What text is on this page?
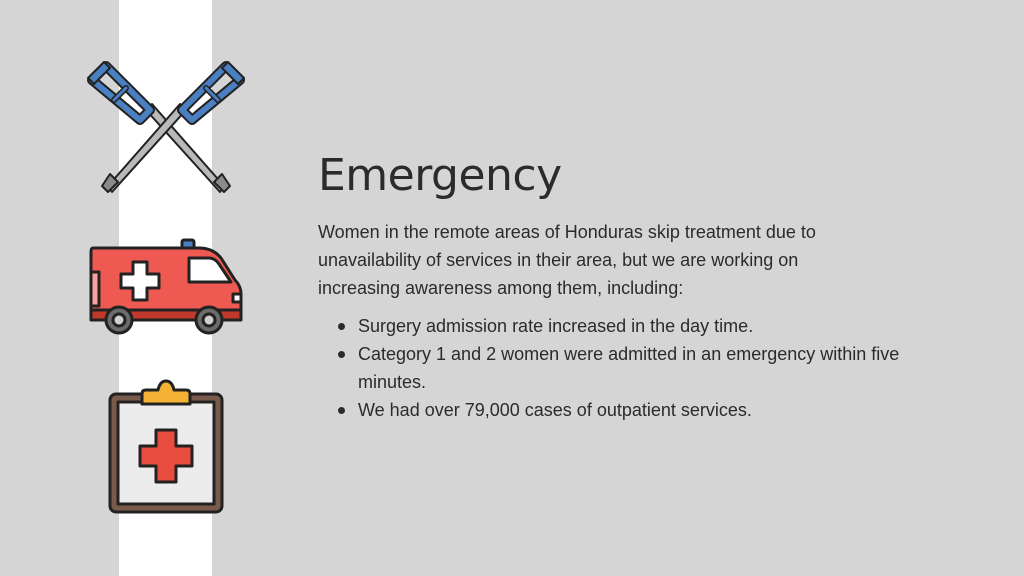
Emergency

Women in the remote areas of Honduras skip treatment due to unavailability of services in their area, but we are working on increasing awareness among them, including:

Surgery admission rate increased in the day time.
Category 1 and 2 women were admitted in an emergency within five minutes.
We had over 79,000 cases of outpatient services.
